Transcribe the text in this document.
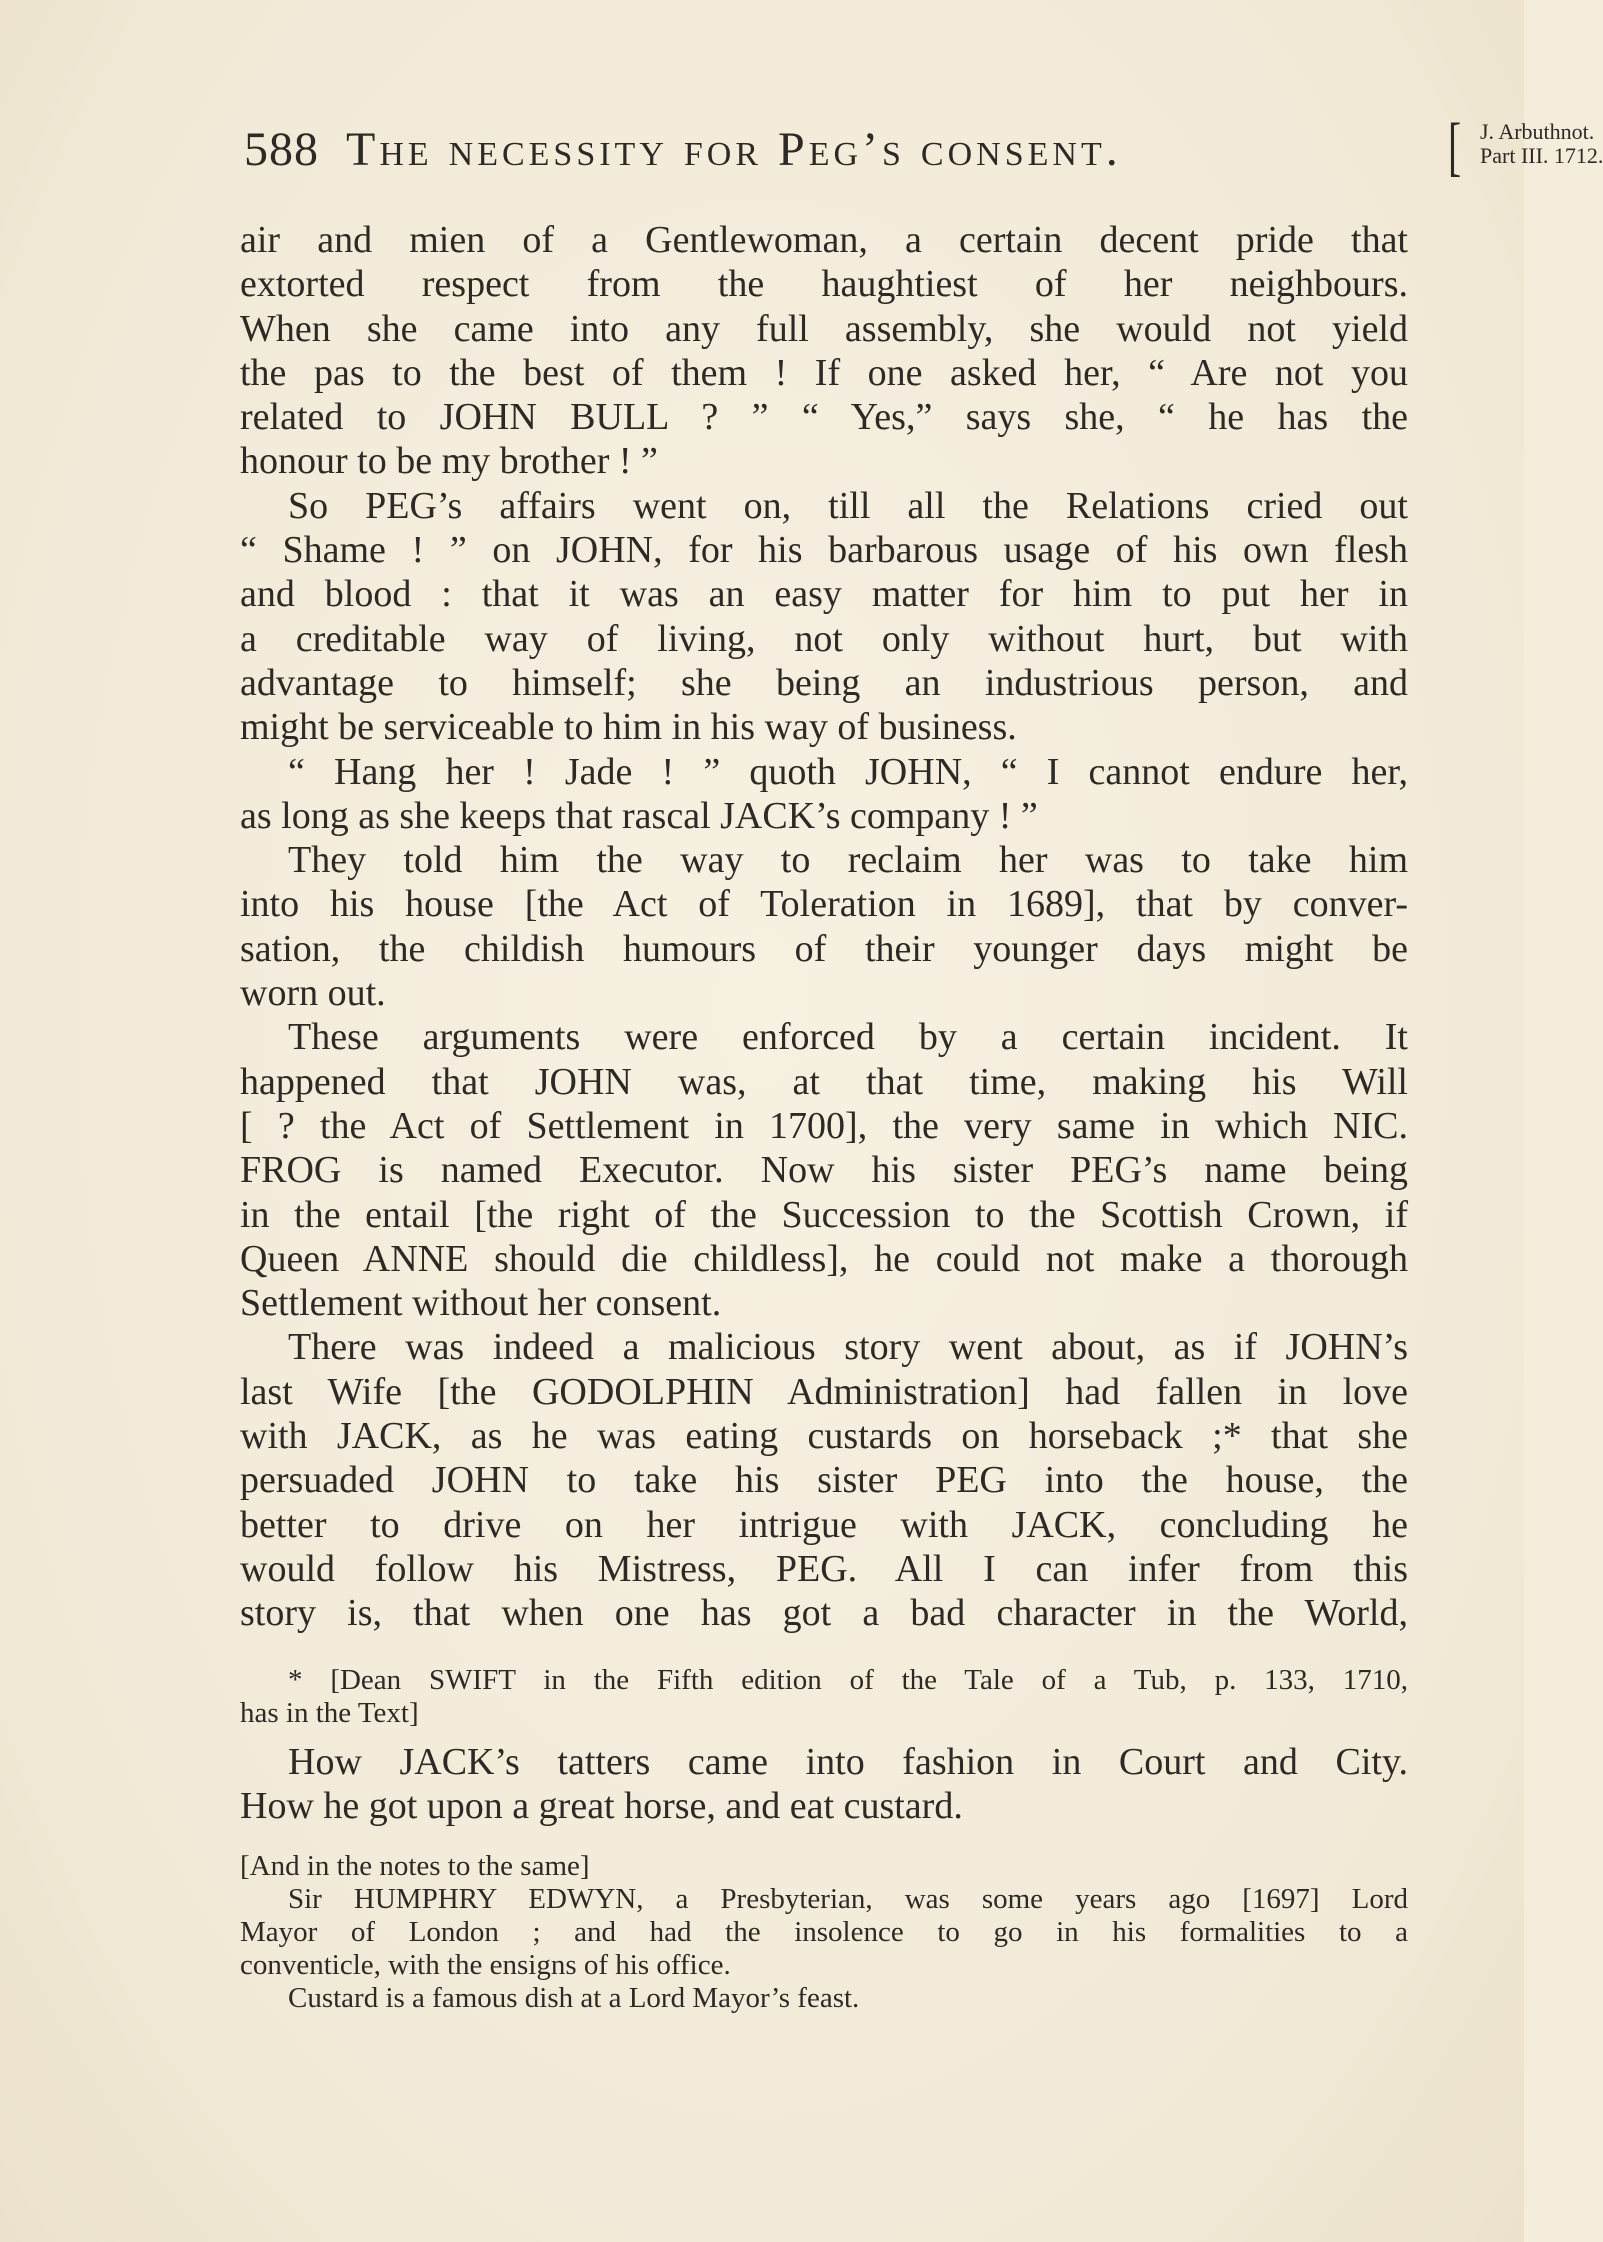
588 The necessity for Peg’s consent.	[ J. Arbuthnot.
Part III. 1712.
air and mien of a Gentlewoman, a certain decent pride that
extorted respect from the haughtiest of her neighbours.
When she came into any full assembly, she would not yield
the pas to the best of them ! If one asked her, “ Are not you
related to JOHN BULL ? ” “ Yes,” says she, “ he has the
honour to be my brother ! ”
So PEG’s affairs went on, till all the Relations cried out
“ Shame ! ” on JOHN, for his barbarous usage of his own flesh
and blood : that it was an easy matter for him to put her in
a creditable way of living, not only without hurt, but with
advantage to himself; she being an industrious person, and
might be serviceable to him in his way of business.
“ Hang her ! Jade ! ” quoth JOHN, “ I cannot endure her,
as long as she keeps that rascal JACK’s company ! ”
They told him the way to reclaim her was to take him
into his house [the Act of Toleration in 1689], that by conver-
sation, the childish humours of their younger days might be
worn out.
These arguments were enforced by a certain incident. It
happened that JOHN was, at that time, making his Will
[ ? the Act of Settlement in 1700], the very same in which NIC.
FROG is named Executor. Now his sister PEG’s name being
in the entail [the right of the Succession to the Scottish Crown, if
Queen ANNE should die childless], he could not make a thorough
Settlement without her consent.
There was indeed a malicious story went about, as if JOHN’s
last Wife [the GODOLPHIN Administration] had fallen in love
with JACK, as he was eating custards on horseback ;* that she
persuaded JOHN to take his sister PEG into the house, the
better to drive on her intrigue with JACK, concluding he
would follow his Mistress, PEG. All I can infer from this
story is, that when one has got a bad character in the World,
* [Dean SWIFT in the Fifth edition of the Tale of a Tub, p. 133, 1710,
has in the Text]
How JACK’s tatters came into fashion in Court and City.
How he got upon a great horse, and eat custard.
[And in the notes to the same]
Sir HUMPHRY EDWYN, a Presbyterian, was some years ago [1697] Lord
Mayor of London ; and had the insolence to go in his formalities to a
conventicle, with the ensigns of his office.
Custard is a famous dish at a Lord Mayor’s feast.
